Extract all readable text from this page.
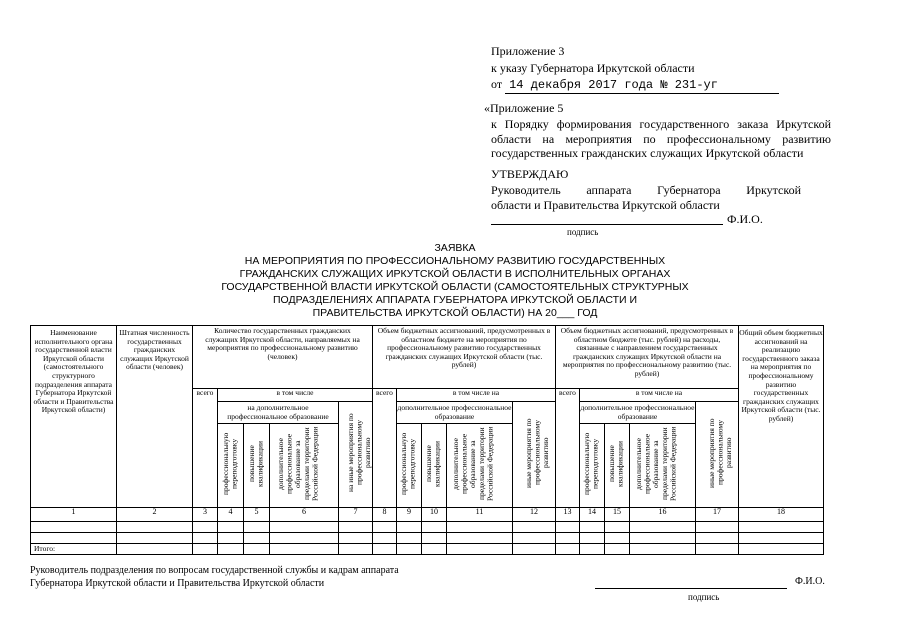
Приложение 3
к указу Губернатора Иркутской области
от 14 декабря 2017 года № 231-уг
«Приложение 5
к Порядку формирования государственного заказа Иркутской
области на мероприятия по профессиональному развитию
государственных гражданских служащих Иркутской области
УТВЕРЖДАЮ
Руководитель аппарата Губернатора Иркутской
области и Правительства Иркутской области
Ф.И.О.
подпись
ЗАЯВКА
НА МЕРОПРИЯТИЯ ПО ПРОФЕССИОНАЛЬНОМУ РАЗВИТИЮ ГОСУДАРСТВЕННЫХ
ГРАЖДАНСКИХ СЛУЖАЩИХ ИРКУТСКОЙ ОБЛАСТИ В ИСПОЛНИТЕЛЬНЫХ ОРГАНАХ
ГОСУДАРСТВЕННОЙ ВЛАСТИ ИРКУТСКОЙ ОБЛАСТИ (САМОСТОЯТЕЛЬНЫХ СТРУКТУРНЫХ
ПОДРАЗДЕЛЕНИЯХ АППАРАТА ГУБЕРНАТОРА ИРКУТСКОЙ ОБЛАСТИ И
ПРАВИТЕЛЬСТВА ИРКУТСКОЙ ОБЛАСТИ) НА 20___ ГОД
Наименование исполнительного органа государственной власти Иркутской области (самостоятельного структурного подразделения аппарата Губернатора Иркутской области и Правительства Иркутской области)	Штатная численность государственных гражданских служащих Иркутской области (человек)	Количество государственных гражданских служащих Иркутской области, направляемых на мероприятия по профессиональному развитию (человек)					Объем бюджетных ассигнований, предусмотренных в областном бюджете на мероприятия по профессиональному развитию государственных гражданских служащих Иркутской области (тыс. рублей)					Объем бюджетных ассигнований, предусмотренных в областном бюджете (тыс. рублей) на расходы, связанные с направлением государственных гражданских служащих Иркутской области на мероприятия по профессиональному развитию (тыс. рублей)					Общий объем бюджетных ассигнований на реализацию государственного заказа на мероприятия по профессиональному развитию государственных гражданских служащих Иркутской области (тыс. рублей)
		всего	в том числе				всего	в том числе на				всего	в том числе на				
			на дополнительное профессиональное образование			на иные мероприятия по профессиональному развитию		дополнительное профессиональное образование			иные мероприятия по профессиональному развитию		дополнительное профессиональное образование			иные мероприятия по профессиональному развитию	
			профессиональную переподготовку	повышение квалификации	дополнительное профессиональное образование за пределами территории Российской Федерации			профессиональную переподготовку	повышение квалификации	дополнительное профессиональное образование за пределами территории Российской Федерации			профессиональную переподготовку	повышение квалификации	дополнительное профессиональное образование за пределами территории Российской Федерации		
1	2	3	4	5	6	7	8	9	10	11	12	13	14	15	16	17	18

Итого:																	
Руководитель подразделения по вопросам государственной службы и кадрам аппарата
Губернатора Иркутской области и Правительства Иркутской области	Ф.И.О.
подпись
